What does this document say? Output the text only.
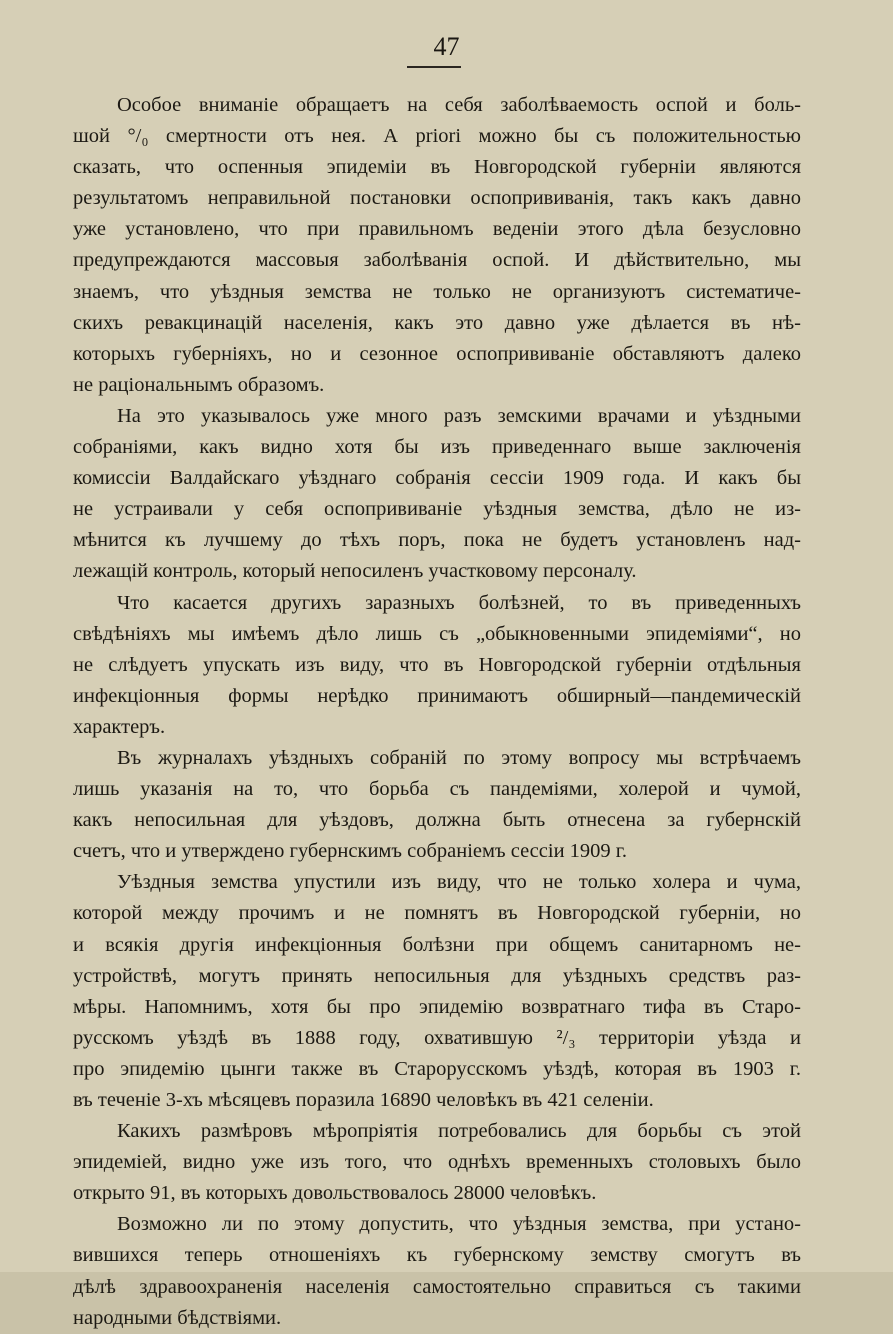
47
Особое вниманіе обращаетъ на себя заболѣваемость оспой и боль-
шой °/₀ смертности отъ нея. А priori можно бы съ положительностью
сказать, что оспенныя эпидеміи въ Новгородской губерніи являются
результатомъ неправильной постановки оспопрививанія, такъ какъ давно
уже установлено, что при правильномъ веденіи этого дѣла безусловно
предупреждаются массовыя заболѣванія оспой. И дѣйствительно, мы
знаемъ, что уѣздныя земства не только не организуютъ систематиче-
скихъ ревакцинацій населенія, какъ это давно уже дѣлается въ нѣ-
которыхъ губерніяхъ, но и сезонное оспопрививаніе обставляютъ далеко
не раціональнымъ образомъ.
На это указывалось уже много разъ земскими врачами и уѣздными
собраніями, какъ видно хотя бы изъ приведеннаго выше заключенія
комиссіи Валдайскаго уѣзднаго собранія сессіи 1909 года. И какъ бы
не устраивали у себя оспопрививаніе уѣздныя земства, дѣло не из-
мѣнится къ лучшему до тѣхъ поръ, пока не будетъ установленъ над-
лежащій контроль, который непосиленъ участковому персоналу.
Что касается другихъ заразныхъ болѣзней, то въ приведенныхъ
свѣдѣніяхъ мы имѣемъ дѣло лишь съ „обыкновенными эпидеміями“, но
не слѣдуетъ упускать изъ виду, что въ Новгородской губерніи отдѣльныя
инфекціонныя формы нерѣдко принимаютъ обширный—пандемическій
характеръ.
Въ журналахъ уѣздныхъ собраній по этому вопросу мы встрѣчаемъ
лишь указанія на то, что борьба съ пандеміями, холерой и чумой,
какъ непосильная для уѣздовъ, должна быть отнесена за губернскій
счетъ, что и утверждено губернскимъ собраніемъ сессіи 1909 г.
Уѣздныя земства упустили изъ виду, что не только холера и чума,
которой между прочимъ и не помнятъ въ Новгородской губерніи, но
и всякія другія инфекціонныя болѣзни при общемъ санитарномъ не-
устройствѣ, могутъ принять непосильныя для уѣздныхъ средствъ раз-
мѣры. Напомнимъ, хотя бы про эпидемію возвратнаго тифа въ Старо-
русскомъ уѣздѣ въ 1888 году, охватившую ²/₃ территоріи уѣзда и
про эпидемію цынги также въ Старорусскомъ уѣздѣ, которая въ 1903 г.
въ теченіе 3-хъ мѣсяцевъ поразила 16890 человѣкъ въ 421 селеніи.
Какихъ размѣровъ мѣропріятія потребовались для борьбы съ этой
эпидеміей, видно уже изъ того, что однѣхъ временныхъ столовыхъ было
открыто 91, въ которыхъ довольствовалось 28000 человѣкъ.
Возможно ли по этому допустить, что уѣздныя земства, при устано-
вившихся теперь отношеніяхъ къ губернскому земству смогутъ въ
дѣлѣ здравоохраненія населенія самостоятельно справиться съ такими
народными бѣдствіями.
